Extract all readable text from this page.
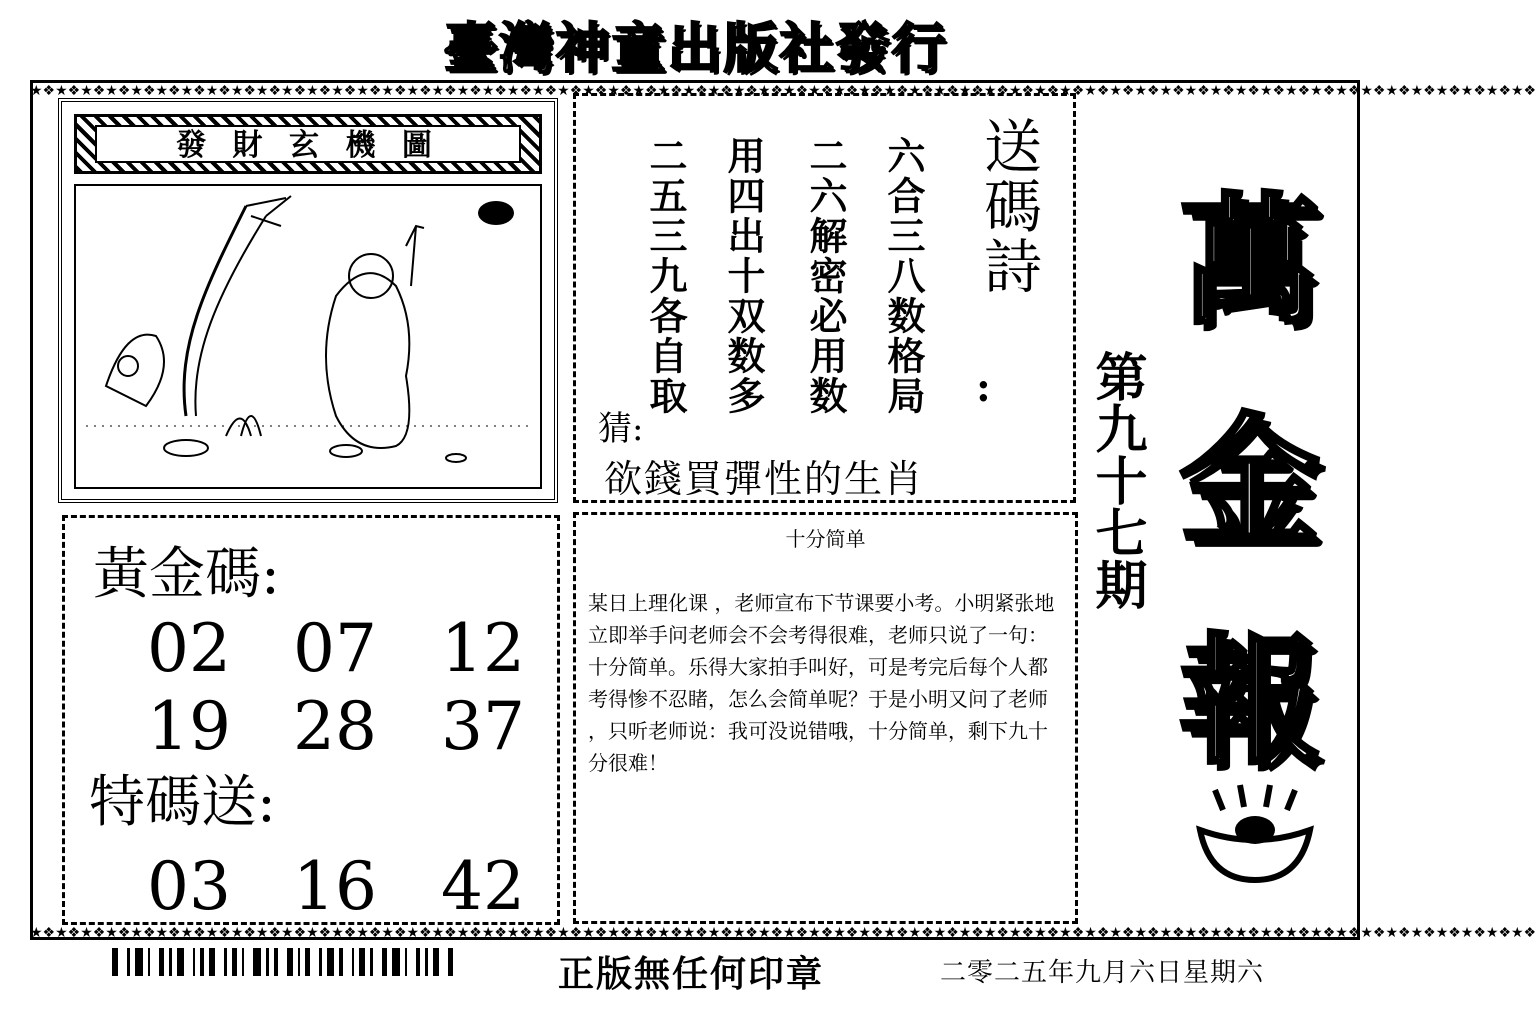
臺灣神童出版社發行
★❖★❖★❖★❖★❖★❖★❖★❖★❖★❖★❖★❖★❖★❖★❖★❖★❖★❖★❖★❖★❖★❖★❖★❖★❖★❖★❖★❖★❖★❖★❖★❖★❖★❖★❖★❖★❖★❖★❖★❖★❖★❖★❖★❖★❖★❖★❖★❖★❖★❖★❖★❖★❖★❖★❖★❖★❖★❖★❖★❖
★❖★❖★❖★❖★❖★❖★❖★❖★❖★❖★❖★❖★❖★❖★❖★❖★❖★❖★❖★❖★❖★❖★❖★❖★❖★❖★❖★❖★❖★❖★❖★❖★❖★❖★❖★❖★❖★❖★❖★❖★❖★❖★❖★❖★❖★❖★❖★❖★❖★❖★❖★❖★❖★❖★❖★❖★❖★❖★❖★❖
發 財 玄 機 圖	六合三八数格局
二六解密必用数
用四出十双数多
二五三九各自取	送碼詩
:
猜:
欲錢買彈性的生肖	第九十七期
萬
金
報
黃金碼:
02 07 12
19 28 37
特碼送:
03 16 42
十分简单
某日上理化课 ，老师宣布下节课要小考。小明紧张地立即举手问老师会不会考得很难，老师只说了一句： 十分简单。乐得大家拍手叫好，可是考完后每个人都考得惨不忍睹，怎么会简单呢？于是小明又问了老师 ，只听老师说：我可没说错哦，十分简单，剩下九十分很难！
正版無任何印章	二零二五年九月六日星期六
